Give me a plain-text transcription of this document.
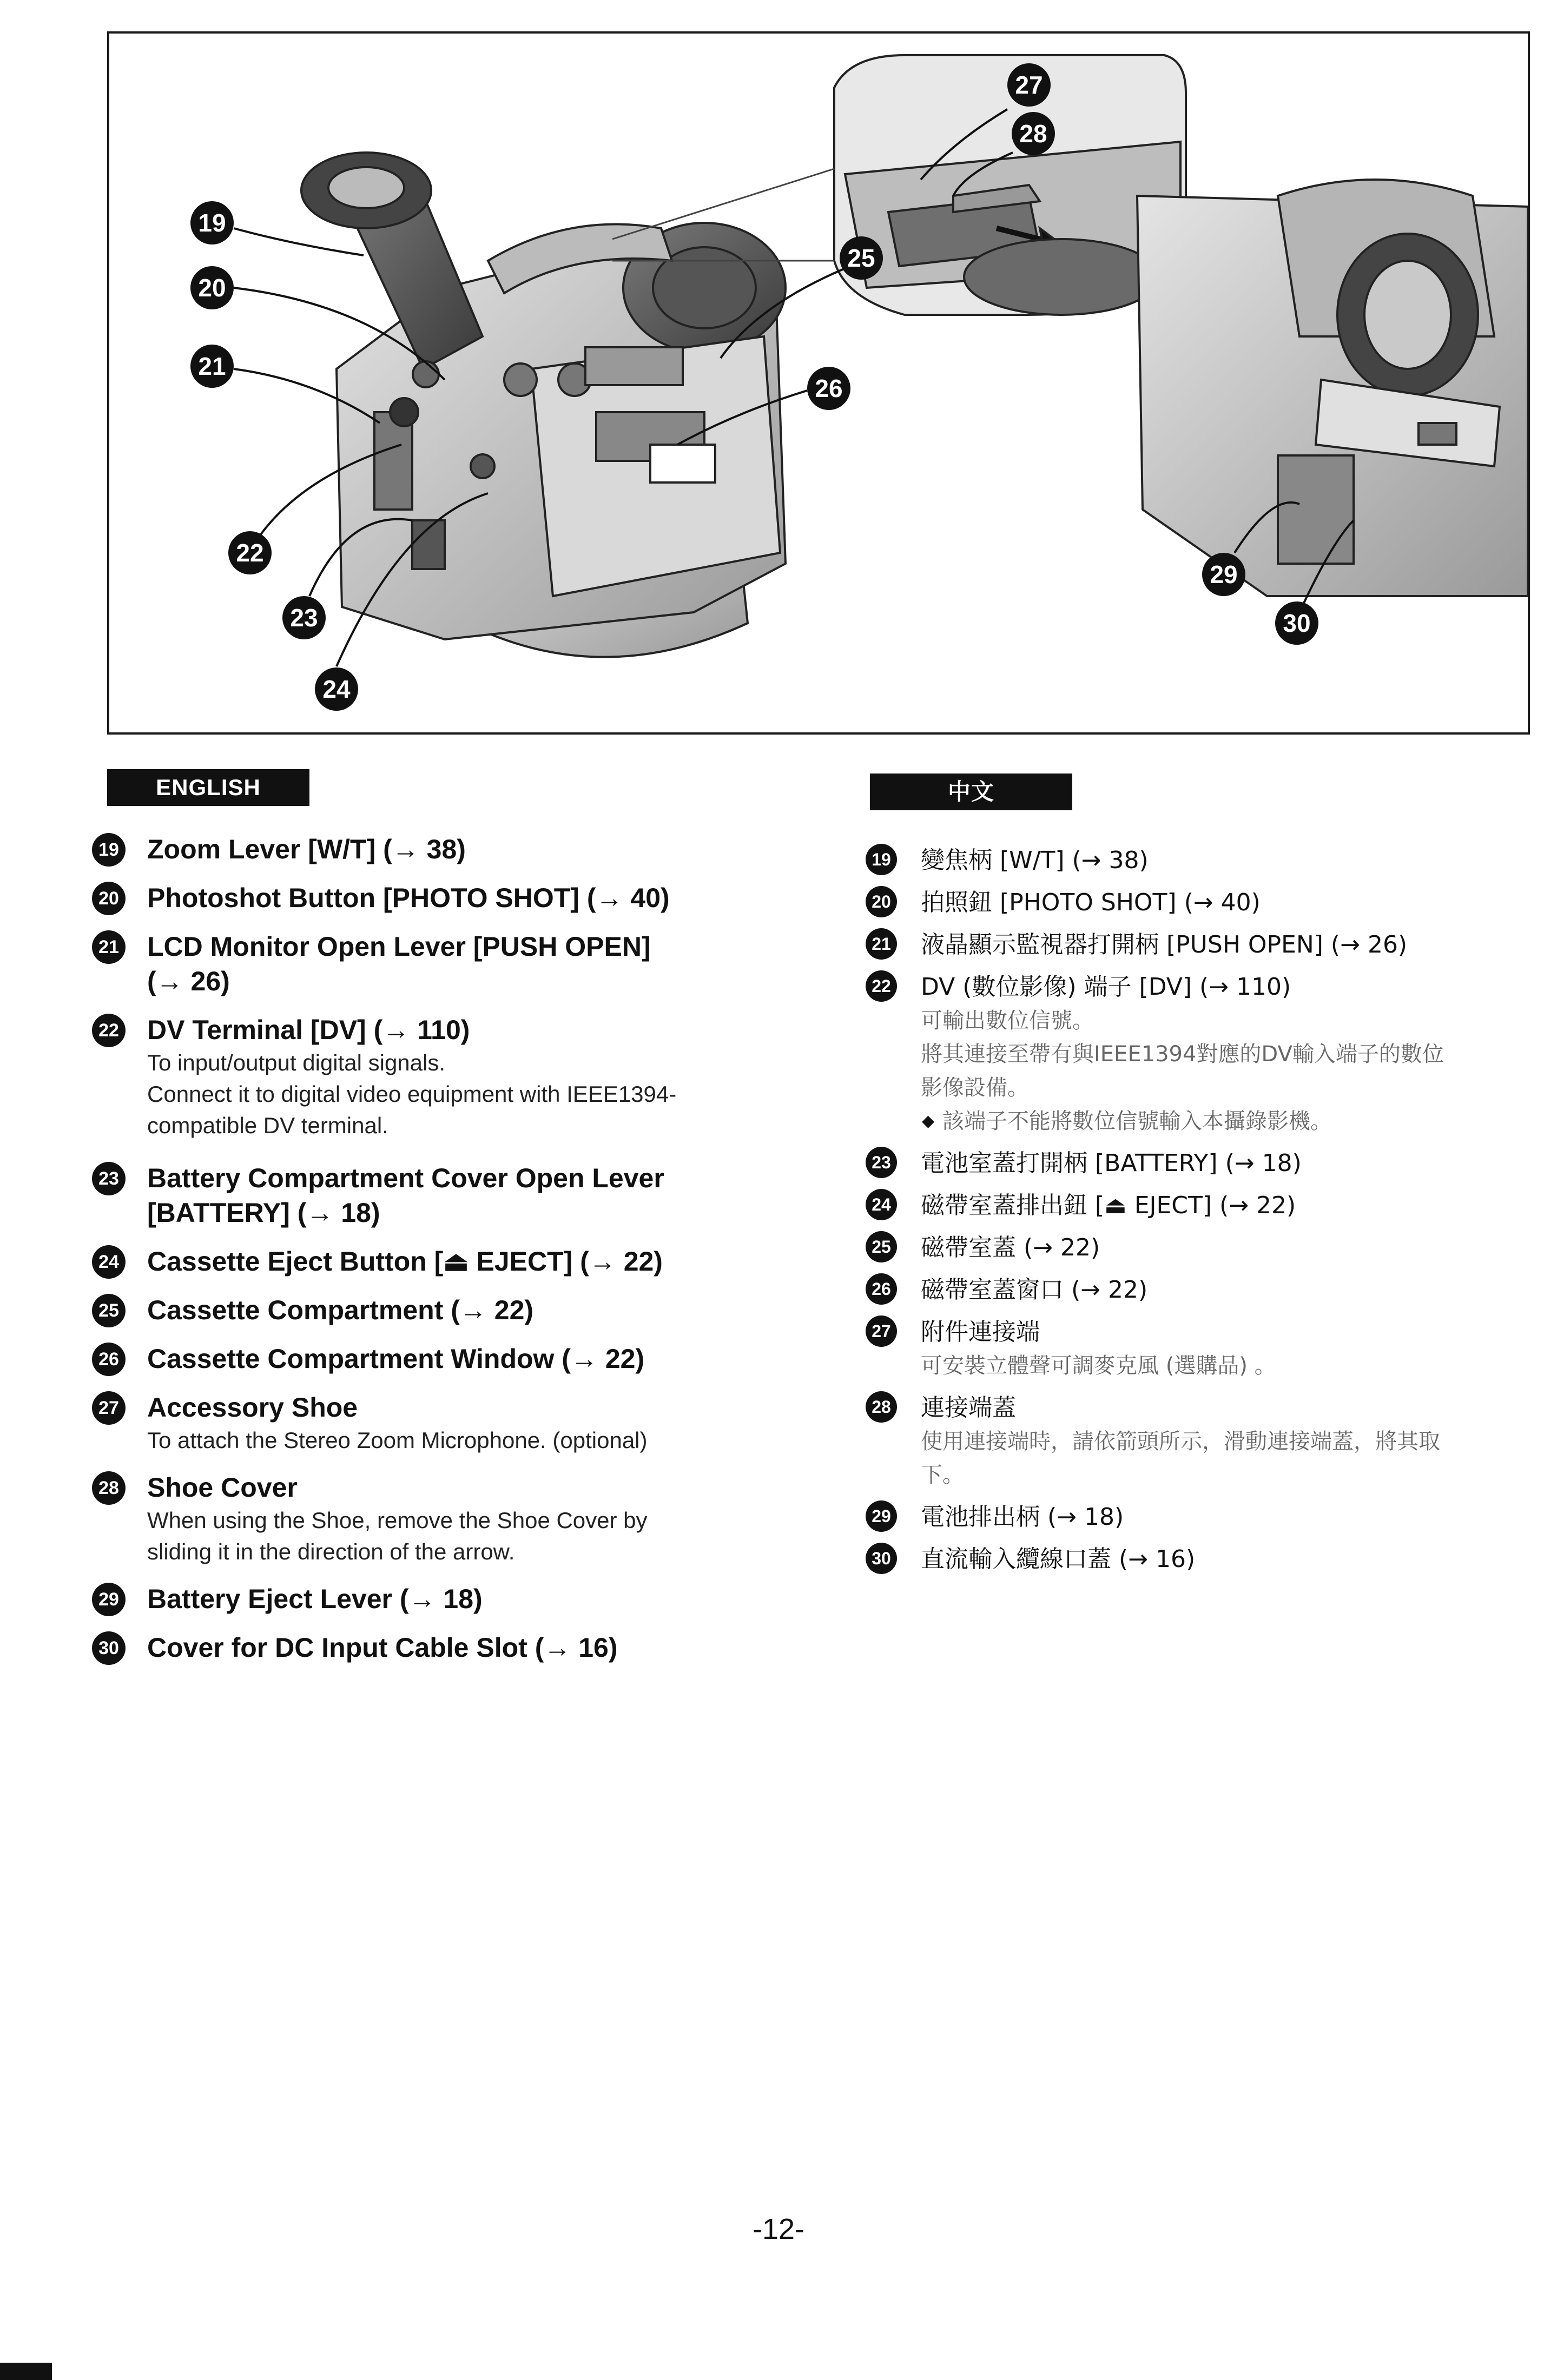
19
20
21
22
23
24
25
26
27
28
29
30
ENGLISH	中文
19 Zoom Lever [W/T] (→ 38)
20 Photoshot Button [PHOTO SHOT] (→ 40)
21 LCD Monitor Open Lever [PUSH OPEN]
(→ 26)
22 DV Terminal [DV] (→ 110)
To input/output digital signals.
Connect it to digital video equipment with IEEE1394-
compatible DV terminal.
23 Battery Compartment Cover Open Lever
[BATTERY] (→ 18)
24 Cassette Eject Button [⏏ EJECT] (→ 22)
25 Cassette Compartment (→ 22)
26 Cassette Compartment Window (→ 22)
27 Accessory Shoe
To attach the Stereo Zoom Microphone. (optional)
28 Shoe Cover
When using the Shoe, remove the Shoe Cover by
sliding it in the direction of the arrow.
29 Battery Eject Lever (→ 18)
30 Cover for DC Input Cable Slot (→ 16)
19 變焦柄 [W/T] (→ 38)
20 拍照鈕 [PHOTO SHOT] (→ 40)
21 液晶顯示監視器打開柄 [PUSH OPEN] (→ 26)
22 DV (數位影像) 端子 [DV] (→ 110)
可輸出數位信號。
將其連接至帶有與IEEE1394對應的DV輸入端子的數位
影像設備。
◆ 該端子不能將數位信號輸入本攝錄影機。
23 電池室蓋打開柄 [BATTERY] (→ 18)
24 磁帶室蓋排出鈕 [⏏ EJECT] (→ 22)
25 磁帶室蓋 (→ 22)
26 磁帶室蓋窗口 (→ 22)
27 附件連接端
可安裝立體聲可調麥克風 (選購品) 。
28 連接端蓋
使用連接端時，請依箭頭所示，滑動連接端蓋，將其取
下。
29 電池排出柄 (→ 18)
30 直流輸入纜線口蓋 (→ 16)
-12-
